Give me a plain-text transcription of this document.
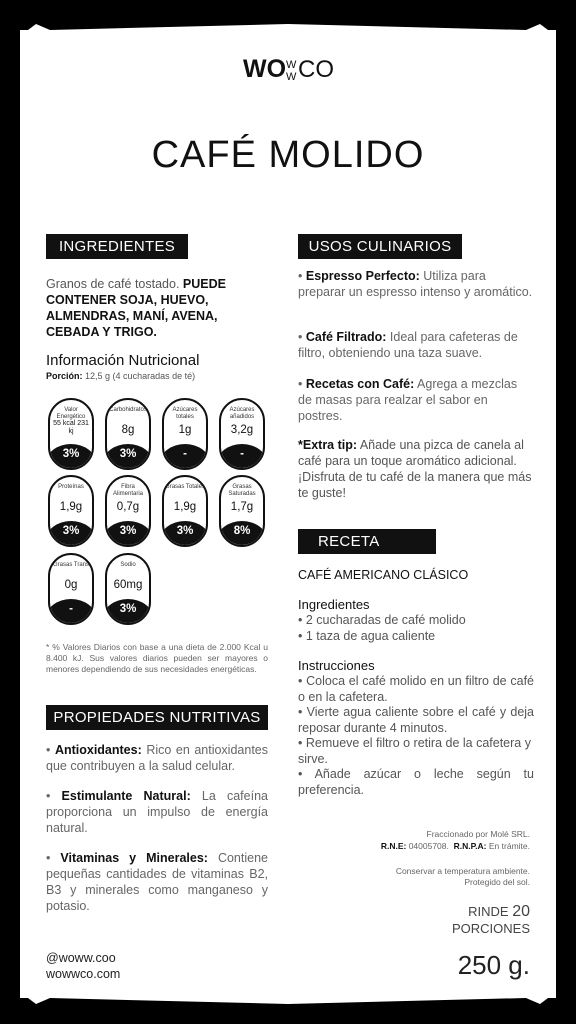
WO W
W CO
CAFÉ MOLIDO
INGREDIENTES
Granos de café tostado. PUEDE CONTENER SOJA, HUEVO, ALMENDRAS, MANÍ, AVENA, CEBADA Y TRIGO.
Información Nutricional
Porción: 12,5 g (4 cucharadas de té)
Valor Energético
55 kcal 231 kj
3%
Carbohidratos
8g
3%
Azúcares totales
1g
-
Azúcares añadidos
3,2g
-
Proteínas
1,9g
3%
Fibra Alimentaria
0,7g
3%
Grasas Totales
1,9g
3%
Grasas Saturadas
1,7g
8%
Grasas Trans
0g
-
Sodio
60mg
3%
* % Valores Diarios con base a una dieta de 2.000 Kcal u 8.400 kJ. Sus valores diarios pueden ser mayores o menores dependiendo de sus necesidades energéticas.
PROPIEDADES NUTRITIVAS
• Antioxidantes: Rico en antioxidantes que contribuyen a la salud celular.
• Estimulante Natural: La cafeína proporciona un impulso de energía natural.
• Vitaminas y Minerales: Contiene pequeñas cantidades de vitaminas B2, B3 y minerales como manganeso y potasio.
@woww.coo
wowwco.com
USOS CULINARIOS
• Espresso Perfecto: Utiliza para preparar un espresso intenso y aromático.
• Café Filtrado: Ideal para cafeteras de filtro, obteniendo una taza suave.
• Recetas con Café: Agrega a mezclas de masas para realzar el sabor en postres.
*Extra tip: Añade una pizca de canela al café para un toque aromático adicional. ¡Disfruta de tu café de la manera que más te guste!
RECETA
CAFÉ AMERICANO CLÁSICO
Ingredientes
• 2 cucharadas de café molido
• 1 taza de agua caliente
Instrucciones
• Coloca el café molido en un filtro de café o en la cafetera.
• Vierte agua caliente sobre el café y deja reposar durante 4 minutos.
• Remueve el filtro o retira de la cafetera y sirve.
• Añade azúcar o leche según tu preferencia.
Fraccionado por Molé SRL.
R.N.E: 04005708. R.N.P.A: En trámite.
Conservar a temperatura ambiente.
Protegido del sol.
RINDE 20
PORCIONES
250 g.
